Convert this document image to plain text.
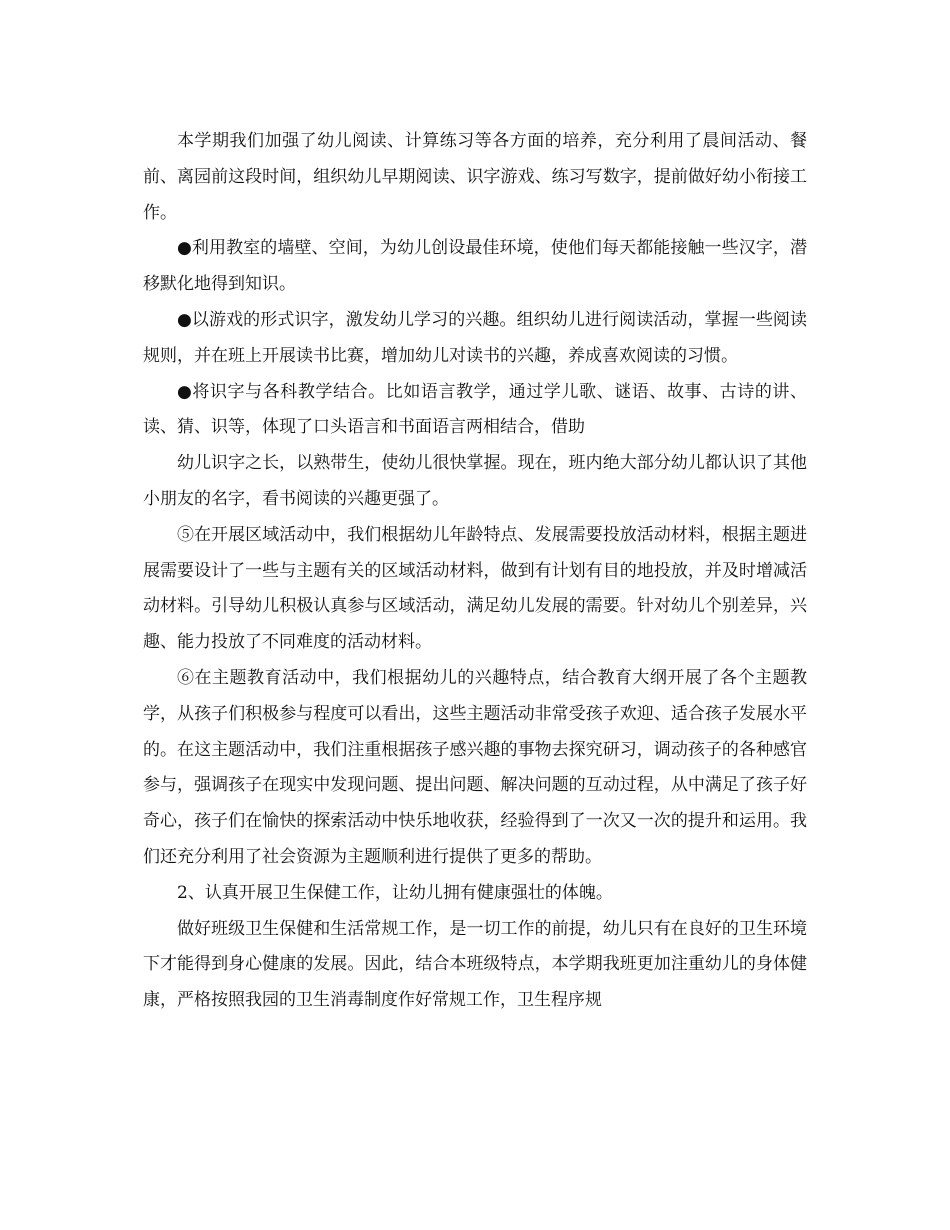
本学期我们加强了幼儿阅读、计算练习等各方面的培养，充分利用了晨间活动、餐前、离园前这段时间，组织幼儿早期阅读、识字游戏、练习写数字，提前做好幼小衔接工作。

●利用教室的墙壁、空间，为幼儿创设最佳环境，使他们每天都能接触一些汉字，潜移默化地得到知识。

●以游戏的形式识字，激发幼儿学习的兴趣。组织幼儿进行阅读活动，掌握一些阅读规则，并在班上开展读书比赛，增加幼儿对读书的兴趣，养成喜欢阅读的习惯。

●将识字与各科教学结合。比如语言教学，通过学儿歌、谜语、故事、古诗的讲、读、猜、识等，体现了口头语言和书面语言两相结合，借助

幼儿识字之长，以熟带生，使幼儿很快掌握。现在，班内绝大部分幼儿都认识了其他小朋友的名字，看书阅读的兴趣更强了。

⑤在开展区域活动中，我们根据幼儿年龄特点、发展需要投放活动材料，根据主题进展需要设计了一些与主题有关的区域活动材料，做到有计划有目的地投放，并及时增减活动材料。引导幼儿积极认真参与区域活动，满足幼儿发展的需要。针对幼儿个别差异，兴趣、能力投放了不同难度的活动材料。

⑥在主题教育活动中，我们根据幼儿的兴趣特点，结合教育大纲开展了各个主题教学，从孩子们积极参与程度可以看出，这些主题活动非常受孩子欢迎、适合孩子发展水平的。在这主题活动中，我们注重根据孩子感兴趣的事物去探究研习，调动孩子的各种感官参与，强调孩子在现实中发现问题、提出问题、解决问题的互动过程，从中满足了孩子好奇心，孩子们在愉快的探索活动中快乐地收获，经验得到了一次又一次的提升和运用。我们还充分利用了社会资源为主题顺利进行提供了更多的帮助。

2、认真开展卫生保健工作，让幼儿拥有健康强壮的体魄。

做好班级卫生保健和生活常规工作，是一切工作的前提，幼儿只有在良好的卫生环境下才能得到身心健康的发展。因此，结合本班级特点，本学期我班更加注重幼儿的身体健康，严格按照我园的卫生消毒制度作好常规工作，卫生程序规
